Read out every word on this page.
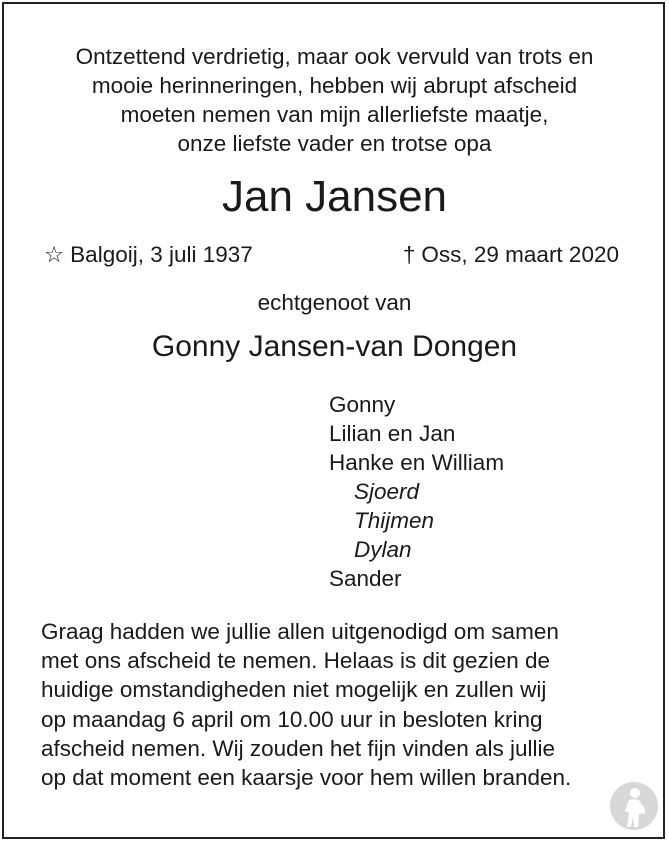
Ontzettend verdrietig, maar ook vervuld van trots en
mooie herinneringen, hebben wij abrupt afscheid
moeten nemen van mijn allerliefste maatje,
onze liefste vader en trotse opa
Jan Jansen
☆ Balgoij, 3 juli 1937	† Oss, 29 maart 2020
echtgenoot van
Gonny Jansen-van Dongen
Gonny
Lilian en Jan
Hanke en William
Sjoerd
Thijmen
Dylan
Sander
Graag hadden we jullie allen uitgenodigd om samen
met ons afscheid te nemen. Helaas is dit gezien de
huidige omstandigheden niet mogelijk en zullen wij
op maandag 6 april om 10.00 uur in besloten kring
afscheid nemen. Wij zouden het fijn vinden als jullie
op dat moment een kaarsje voor hem willen branden.
